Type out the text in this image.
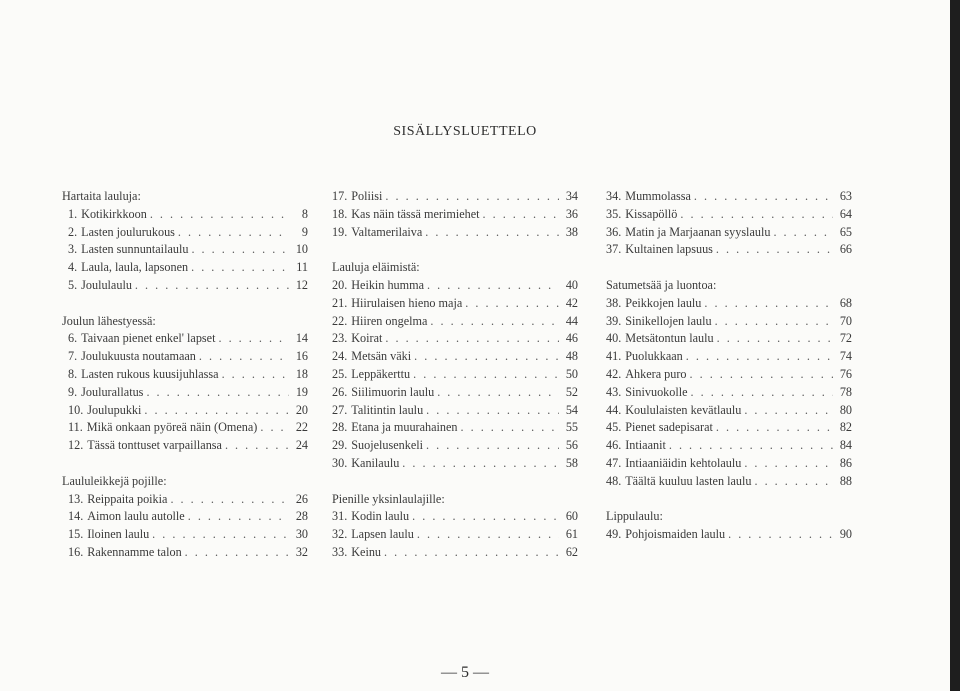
SISÄLLYSLUETTELO
Hartaita lauluja:
1. Kotikirkkoon . . .	8
2. Lasten joulurukous . . .	9
3. Lasten sunnuntailaulu . . .	10
4. Laula, laula, lapsonen . . .	11
5. Joululaulu . . .	12
Joulun lähestyessä:
6. Taivaan pienet enkel' lapset . . .	14
7. Joulukuusta noutamaan . . .	16
8. Lasten rukous kuusijuhlassa . . .	18
9. Joulurallatus . . .	19
10. Joulupukki . . .	20
11. Mikä onkaan pyöreä näin (Omena) . . .	22
12. Tässä tonttuset varpaillansa . . .	24
Laululeikkejä pojille:
13. Reippaita poikia . . .	26
14. Aimon laulu autolle . . .	28
15. Iloinen laulu . . .	30
16. Rakennamme talon . . .	32
17. Poliisi . . .	34
18. Kas näin tässä merimiehet . . .	36
19. Valtamerilaiva . . .	38
Lauluja eläimistä:
20. Heikin humma . . .	40
21. Hiirulaisen hieno maja . . .	42
22. Hiiren ongelma . . .	44
23. Koirat . . .	46
24. Metsän väki . . .	48
25. Leppäkerttu . . .	50
26. Siilimuorin laulu . . .	52
27. Talitintin laulu . . .	54
28. Etana ja muurahainen . . .	55
29. Suojelusenkeli . . .	56
30. Kanilaulu . . .	58
Pienille yksinlaulajille:
31. Kodin laulu . . .	60
32. Lapsen laulu . . .	61
33. Keinu . . .	62
34. Mummolassa . . .	63
35. Kissapöllö . . .	64
36. Matin ja Marjaanan syyslaulu . . .	65
37. Kultainen lapsuus . . .	66
Satumetsää ja luontoa:
38. Peikkojen laulu . . .	68
39. Sinikellojen laulu . . .	70
40. Metsätontun laulu . . .	72
41. Puolukkaan . . .	74
42. Ahkera puro . . .	76
43. Sinivuokolle . . .	78
44. Koululaisten kevätlaulu . . .	80
45. Pienet sadepisarat . . .	82
46. Intiaanit . . .	84
47. Intiaaniäidin kehtolaulu . . .	86
48. Täältä kuuluu lasten laulu . . .	88
Lippulaulu:
49. Pohjoismaiden laulu . . .	90
— 5 —
